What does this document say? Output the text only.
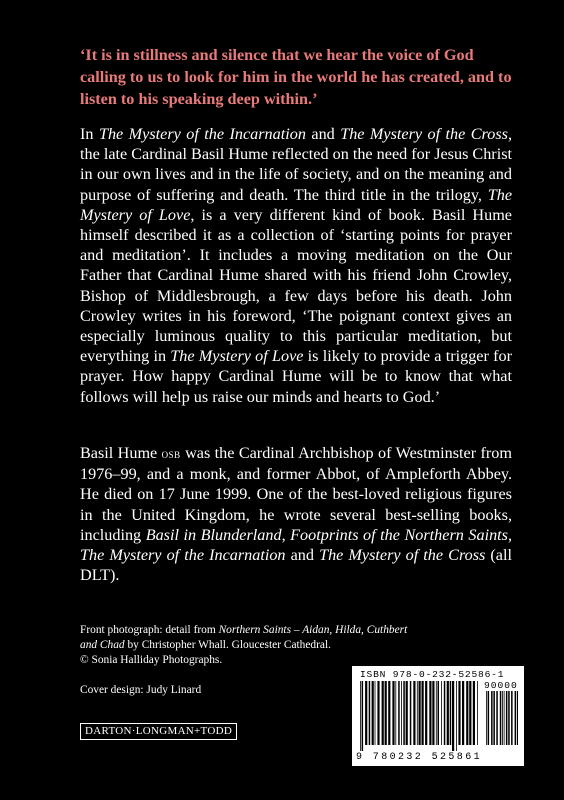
‘It is in stillness and silence that we hear the voice of God calling to us to look for him in the world he has created, and to listen to his speaking deep within.’

In The Mystery of the Incarnation and The Mystery of the Cross, the late Cardinal Basil Hume reflected on the need for Jesus Christ in our own lives and in the life of society, and on the meaning and purpose of suffering and death. The third title in the trilogy, The Mystery of Love, is a very different kind of book. Basil Hume himself described it as a collection of ‘starting points for prayer and meditation’. It includes a moving meditation on the Our Father that Cardinal Hume shared with his friend John Crowley, Bishop of Middlesbrough, a few days before his death. John Crowley writes in his foreword, ‘The poignant context gives an especially luminous quality to this particular meditation, but everything in The Mystery of Love is likely to provide a trigger for prayer. How happy Cardinal Hume will be to know that what follows will help us raise our minds and hearts to God.’

Basil Hume osb was the Cardinal Archbishop of Westminster from 1976–99, and a monk, and former Abbot, of Ampleforth Abbey. He died on 17 June 1999. One of the best-loved religious figures in the United Kingdom, he wrote several best-selling books, including Basil in Blunderland, Footprints of the Northern Saints, The Mystery of the Incarnation and The Mystery of the Cross (all DLT).

Front photograph: detail from Northern Saints – Aidan, Hilda, Cuthbert and Chad by Christopher Whall. Gloucester Cathedral.
© Sonia Halliday Photographs.

Cover design: Judy Linard

DARTON·LONGMAN+TODD
ISBN 978-0-232-52586-1
90000
9 780232 525861
